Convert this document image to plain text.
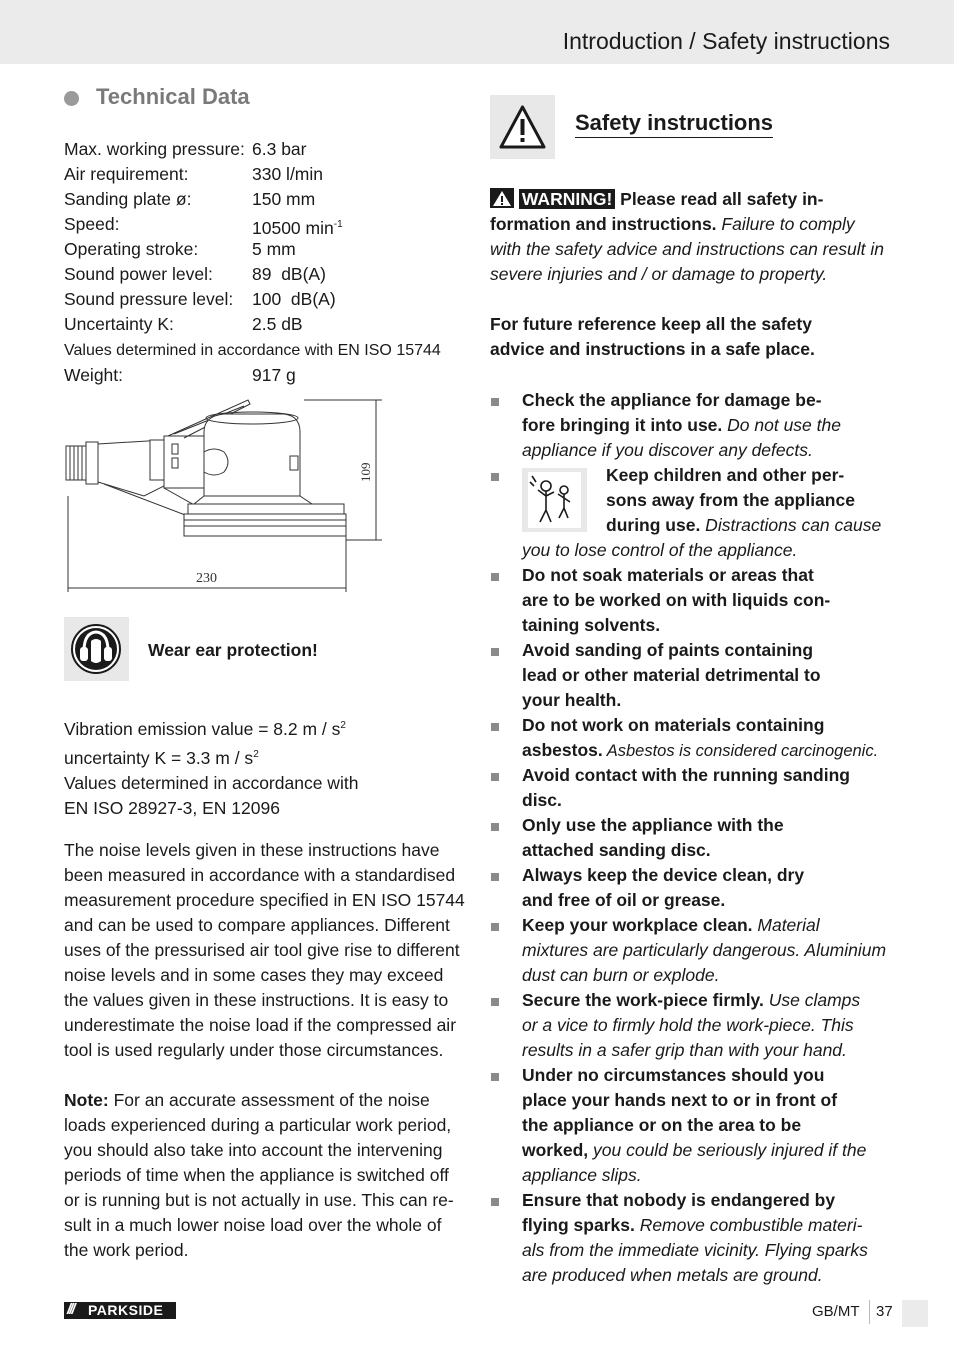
Introduction / Safety instructions
Technical Data
Max. working pressure: 6.3 bar
Air requirement:	330 l/min
Sanding plate ø:	150 mm
Speed:	10500 $\min^{-1}$
Operating stroke:	5 mm
Sound power level: 89  dB(A)
Sound pressure level: 100  dB(A)
Uncertainty K:	2.5 dB
Values determined in accordance with EN ISO 15744
Weight:	917 g
230
109
Wear ear protection!
Vibration emission value = 8.2 m / $s^2$
uncertainty K = 3.3 m / $s^2$
Values determined in accordance with
EN ISO 28927-3, EN 12096
The noise levels given in these instructions have
been measured in accordance with a standardised
measurement procedure specified in EN ISO 15744
and can be used to compare appliances. Different
uses of the pressurised air tool give rise to different
noise levels and in some cases they may exceed
the values given in these instructions. It is easy to
underestimate the noise load if the compressed air
tool is used regularly under those circumstances.
Note: For an accurate assessment of the noise
loads experienced during a particular work period,
you should also take into account the intervening
periods of time when the appliance is switched off
or is running but is not actually in use. This can re-
sult in a much lower noise load over the whole of
the work period.
Safety instructions
WARNING! Please read all safety in-
formation and instructions. Failure to comply
with the safety advice and instructions can result in
severe injuries and / or damage to property.
For future reference keep all the safety
advice and instructions in a safe place.
Check the appliance for damage be-
fore bringing it into use. Do not use the
appliance if you discover any defects.
Keep children and other per-
sons away from the appliance
during use. Distractions can cause
you to lose control of the appliance.
Do not soak materials or areas that
are to be worked on with liquids con-
taining solvents.
Avoid sanding of paints containing
lead or other material detrimental to
your health.
Do not work on materials containing
asbestos. Asbestos is considered carcinogenic.
Avoid contact with the running sanding
disc.
Only use the appliance with the
attached sanding disc.
Always keep the device clean, dry
and free of oil or grease.
Keep your workplace clean. Material
mixtures are particularly dangerous. Aluminium
dust can burn or explode.
Secure the work-piece firmly. Use clamps
or a vice to firmly hold the work-piece. This
results in a safer grip than with your hand.
Under no circumstances should you
place your hands next to or in front of
the appliance or on the area to be
worked, you could be seriously injured if the
appliance slips.
Ensure that nobody is endangered by
flying sparks. Remove combustible materi-
als from the immediate vicinity. Flying sparks
are produced when metals are ground.
/// PARKSIDE	GB/MT 37
